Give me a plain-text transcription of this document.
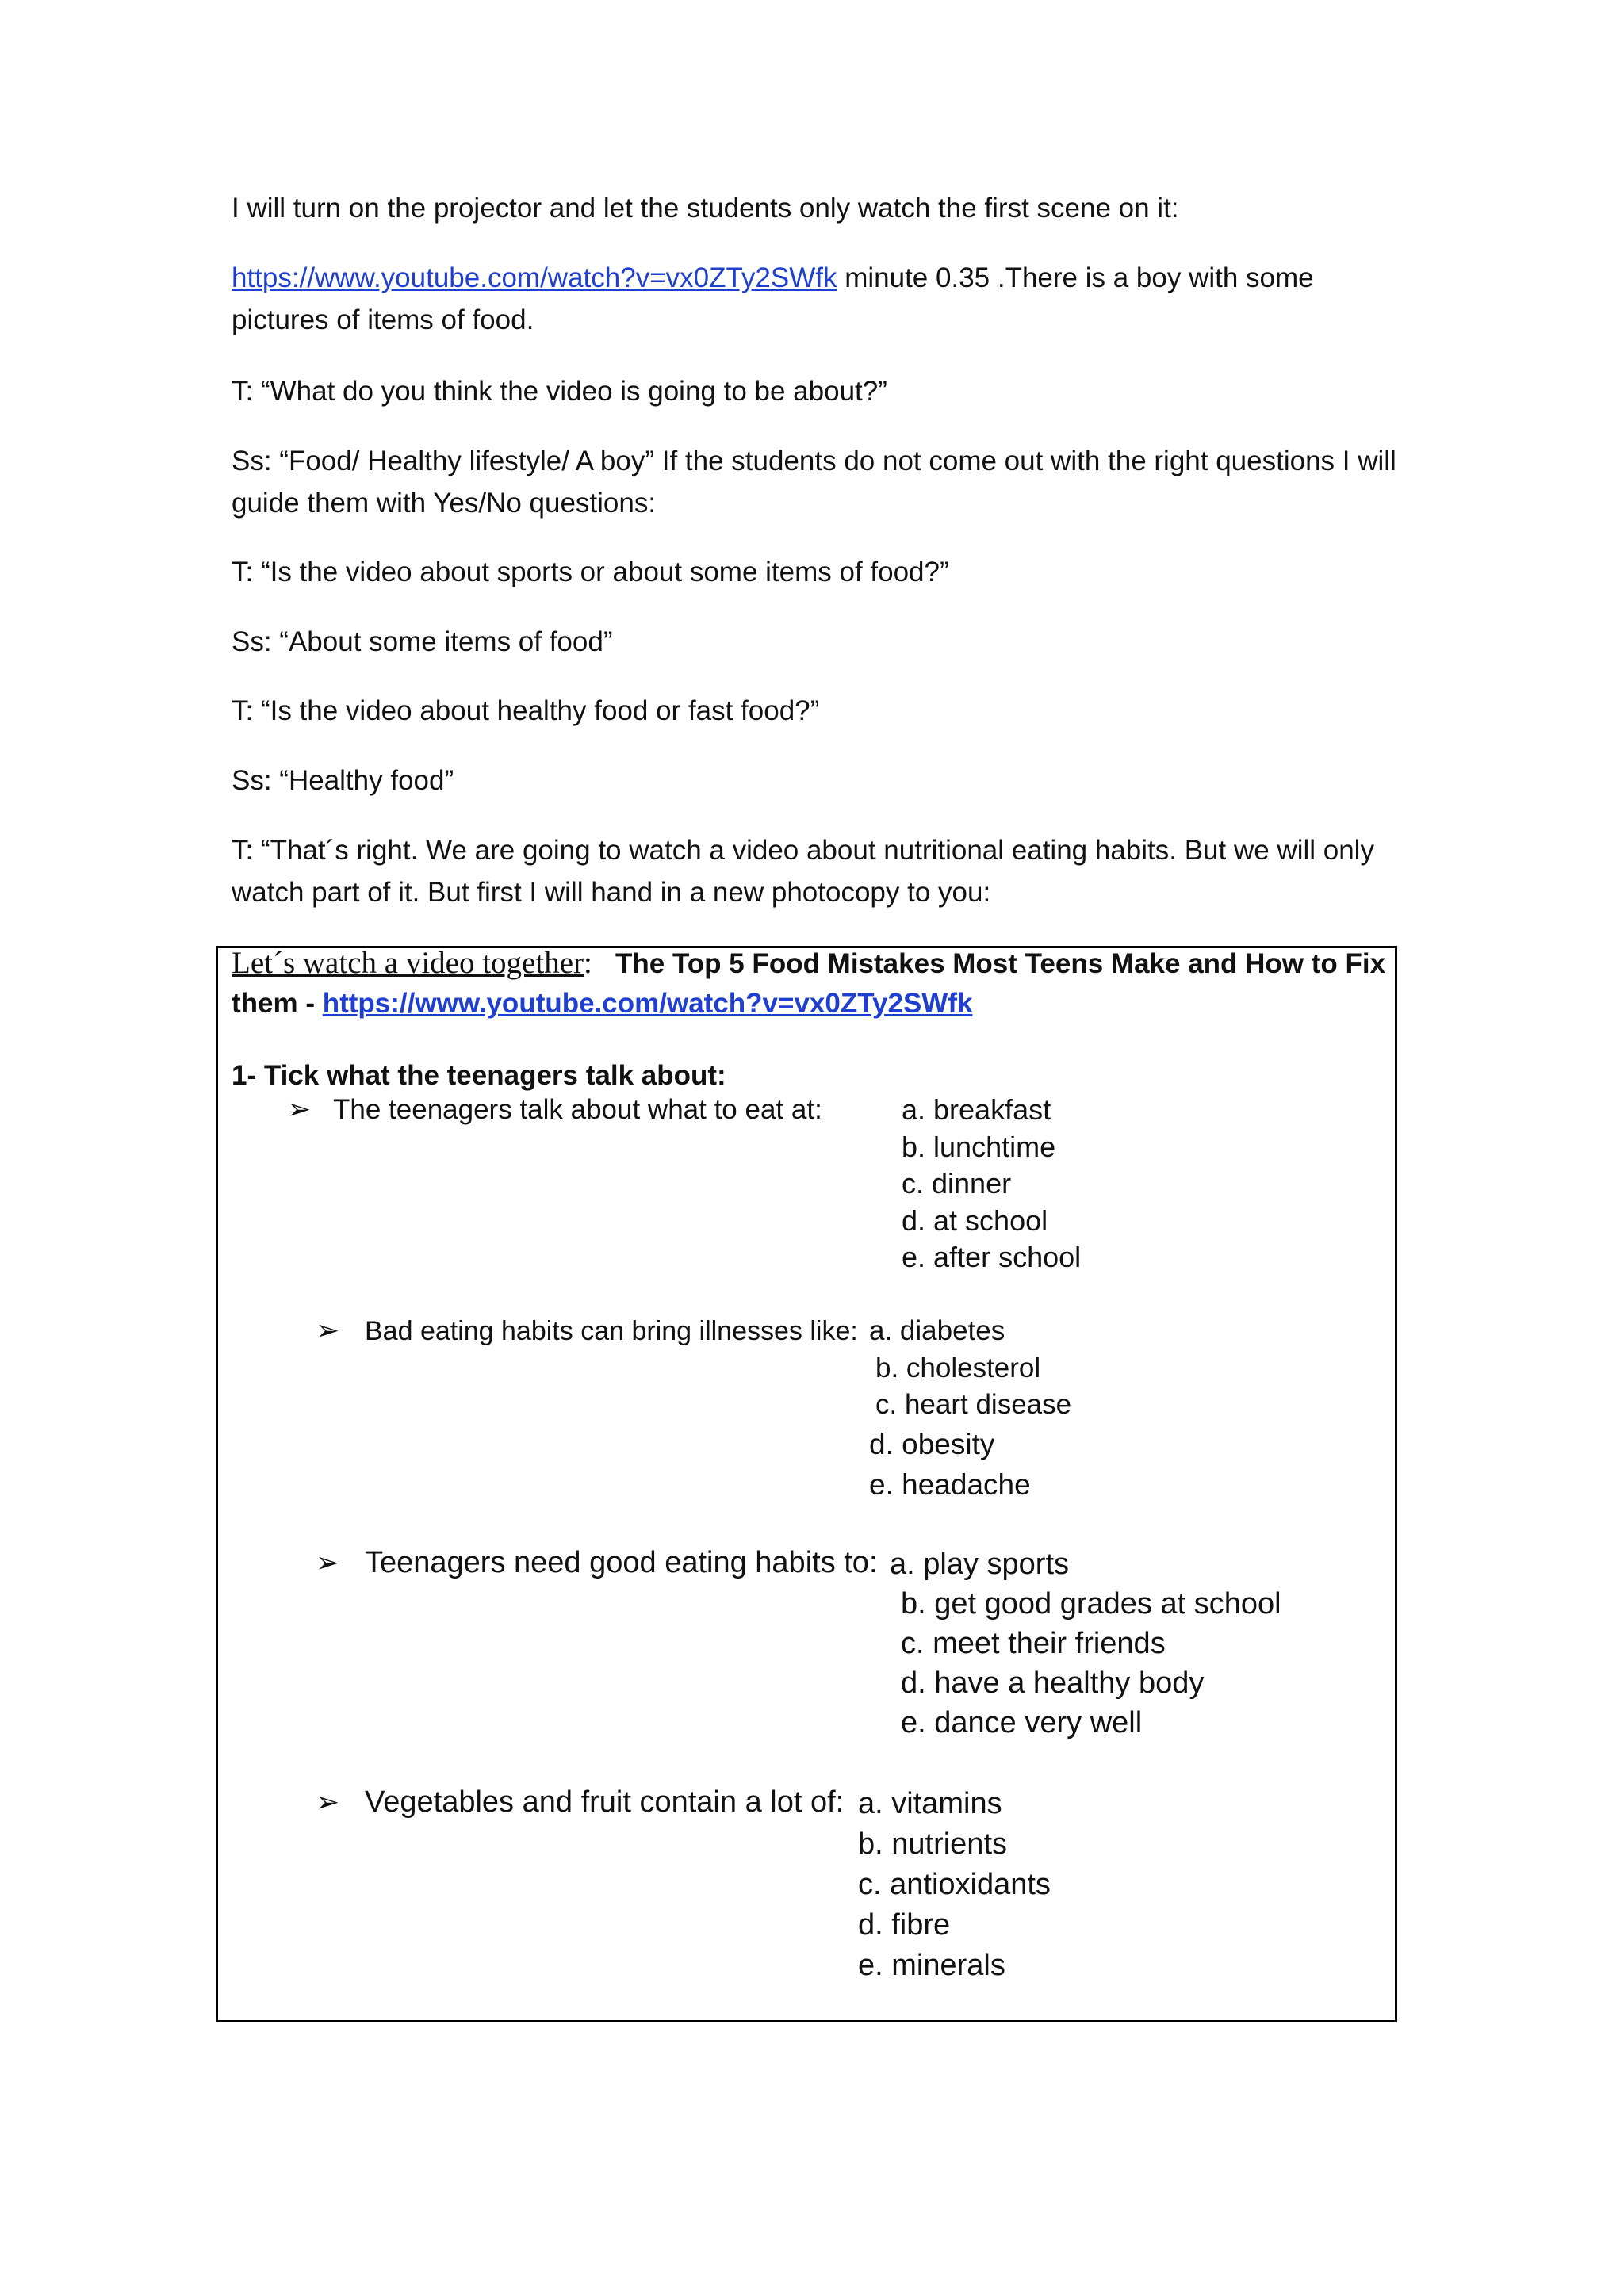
I will turn on the projector and let the students only watch the first scene on it:

https://www.youtube.com/watch?v=vx0ZTy2SWfk minute 0.35 .There is a boy with some pictures of items of food.

T: “What do you think the video is going to be about?”

Ss: “Food/ Healthy lifestyle/ A boy” If the students do not come out with the right questions I will guide them with Yes/No questions:

T: “Is the video about sports or about some items of food?”

Ss: “About some items of food”

T: “Is the video about healthy food or fast food?”

Ss: “Healthy food”

T: “That´s right. We are going to watch a video about nutritional eating habits. But we will only watch part of it. But first I will hand in a new photocopy to you:

Let´s watch a video together: The Top 5 Food Mistakes Most Teens Make and How to Fix them - https://www.youtube.com/watch?v=vx0ZTy2SWfk

1- Tick what the teenagers talk about:

➢ The teenagers talk about what to eat at:	a. breakfast
b. lunchtime
c. dinner
d. at school
e. after school

➢ Bad eating habits can bring illnesses like: a. diabetes
b. cholesterol
c. heart disease
d. obesity
e. headache

➢ Teenagers need good eating habits to: a. play sports
b. get good grades at school
c. meet their friends
d. have a healthy body
e. dance very well

➢ Vegetables and fruit contain a lot of: a. vitamins
b. nutrients
c. antioxidants
d. fibre
e. minerals
